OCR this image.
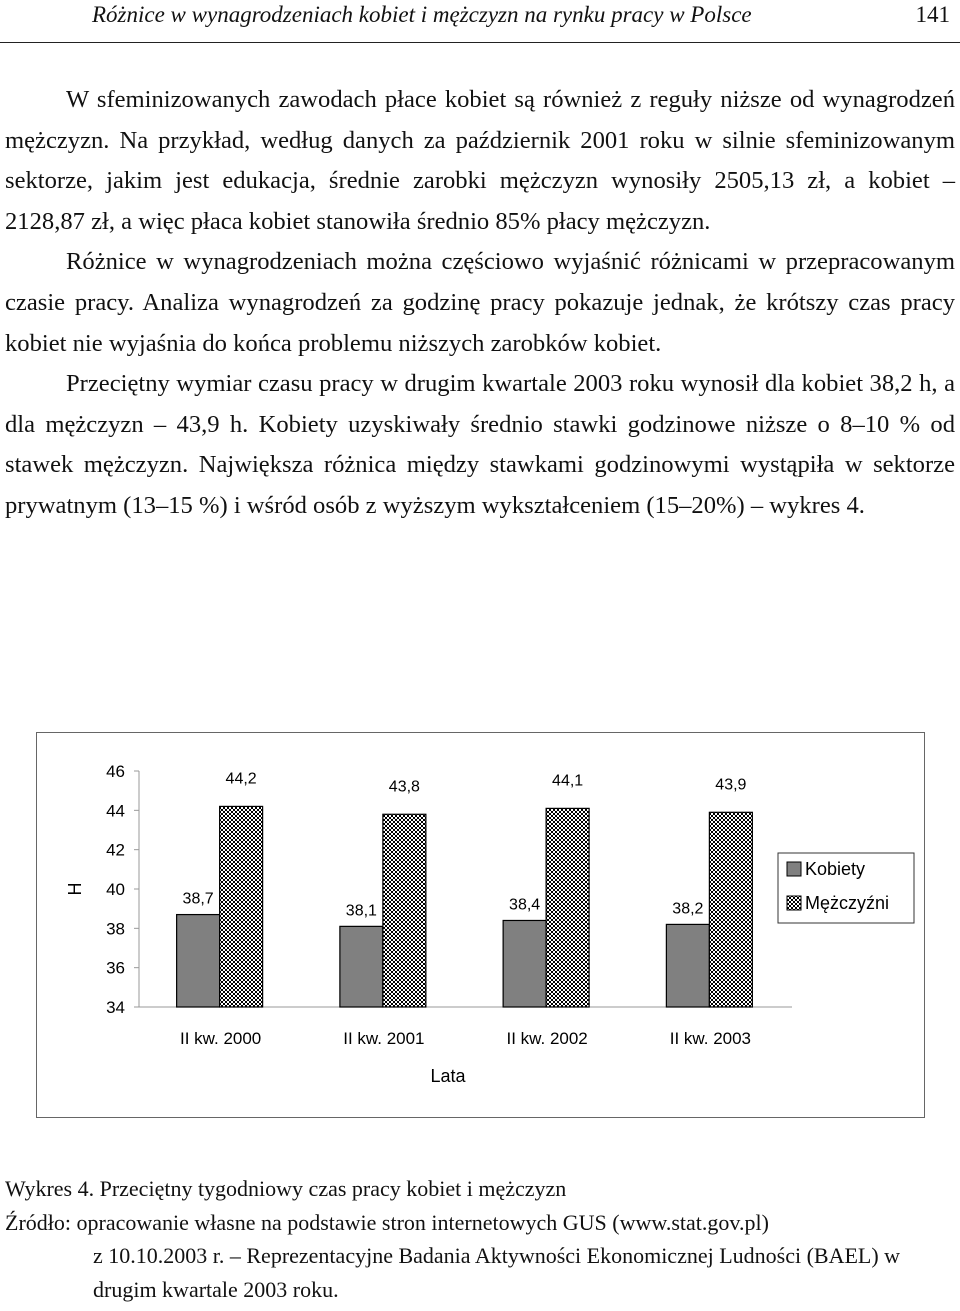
Różnice w wynagrodzeniach kobiet i mężczyzn na rynku pracy w Polsce	141

W sfeminizowanych zawodach płace kobiet są również z reguły niższe od wynagrodzeń mężczyzn. Na przykład, według danych za październik 2001 roku w silnie sfeminizowanym sektorze, jakim jest edukacja, średnie zarobki mężczyzn wynosiły 2505,13 zł, a kobiet – 2128,87 zł, a więc płaca kobiet stanowiła średnio 85% płacy mężczyzn.

Różnice w wynagrodzeniach można częściowo wyjaśnić różnicami w przepracowanym czasie pracy. Analiza wynagrodzeń za godzinę pracy pokazuje jednak, że krótszy czas pracy kobiet nie wyjaśnia do końca problemu niższych zarobków kobiet.

Przeciętny wymiar czasu pracy w drugim kwartale 2003 roku wynosił dla kobiet 38,2 h, a dla mężczyzn – 43,9 h. Kobiety uzyskiwały średnio stawki godzinowe niższe o 8–10 % od stawek mężczyzn. Największa różnica między stawkami godzinowymi wystąpiła w sektorze prywatnym (13–15 %) i wśród osób z wyższym wykształceniem (15–20%) – wykres 4.

34
36
38
40
42
44
46
H
Lata
38,7
44,2
II kw. 2000
38,1
43,8
II kw. 2001
38,4
44,1
II kw. 2002
38,2
43,9
II kw. 2003
Kobiety
Mężczyźni
Wykres 4. Przeciętny tygodniowy czas pracy kobiet i mężczyzn
Źródło: opracowanie własne na podstawie stron internetowych GUS (www.stat.gov.pl)
z 10.10.2003 r. – Reprezentacyjne Badania Aktywności Ekonomicznej Ludności (BAEL) w drugim kwartale 2003 roku.
